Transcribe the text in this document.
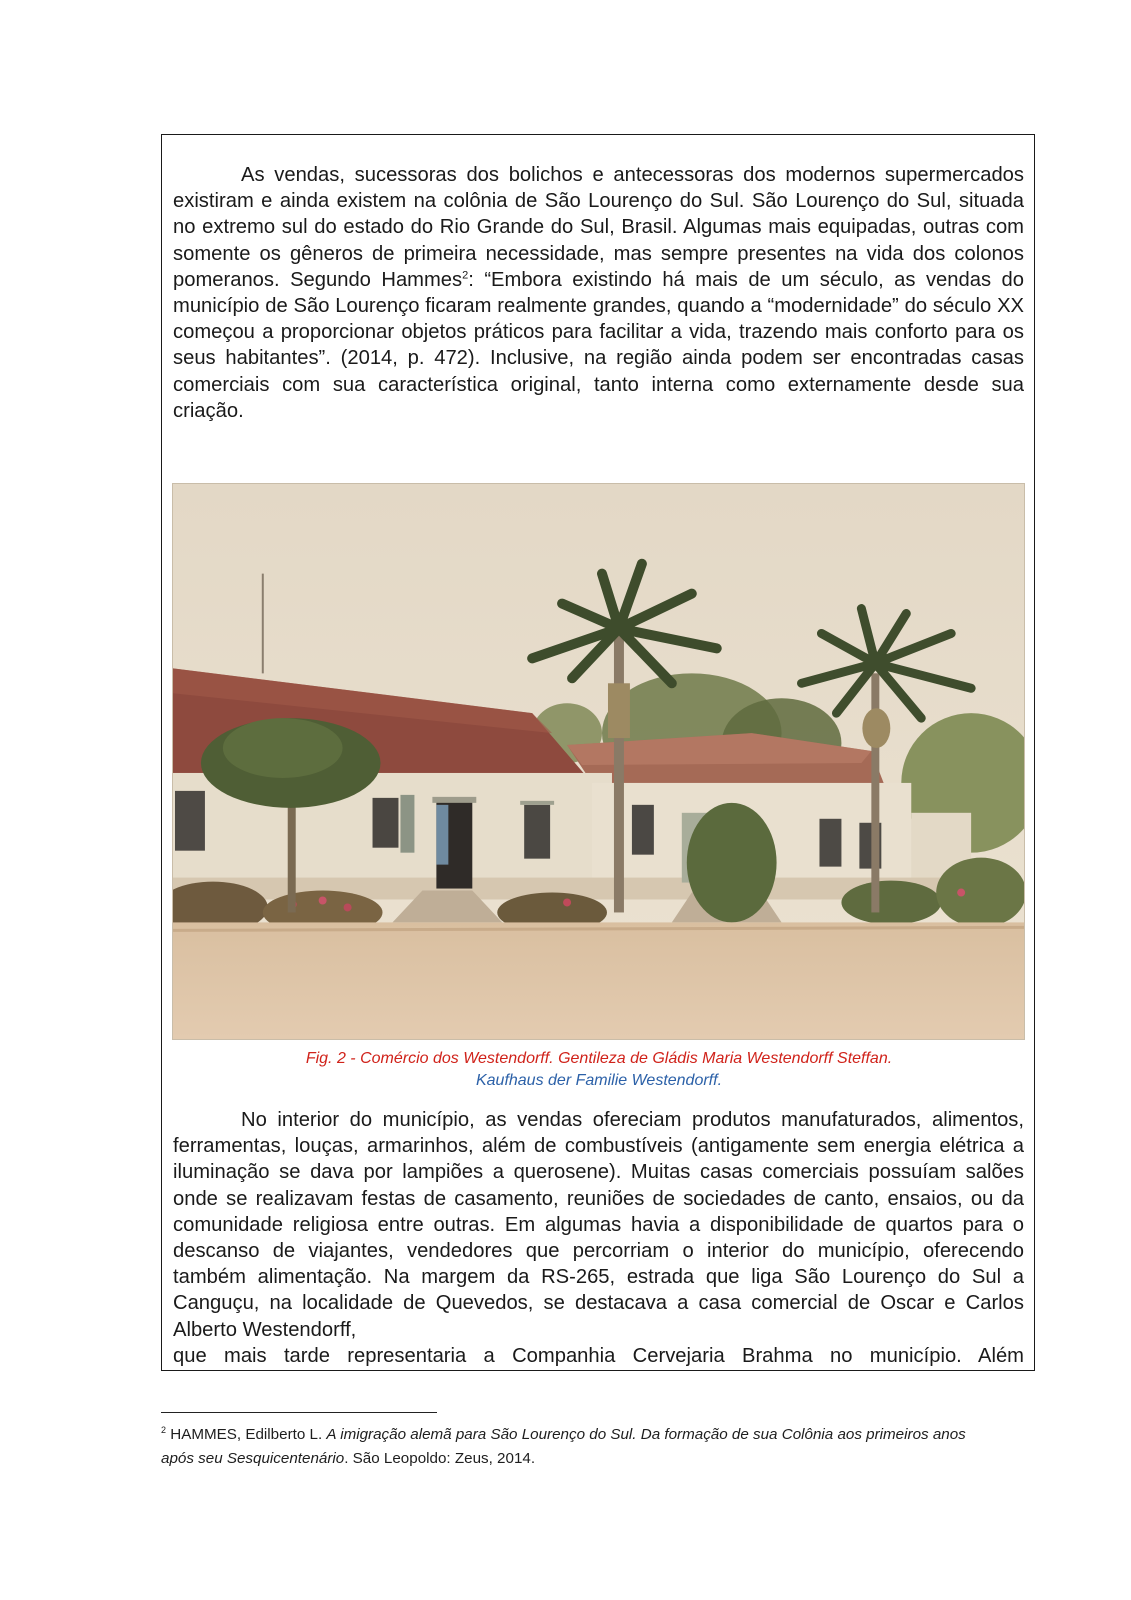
As vendas, sucessoras dos bolichos e antecessoras dos modernos supermercados existiram e ainda existem na colônia de São Lourenço do Sul. São Lourenço do Sul, situada no extremo sul do estado do Rio Grande do Sul, Brasil. Algumas mais equipadas, outras com somente os gêneros de primeira necessidade, mas sempre presentes na vida dos colonos pomeranos. Segundo Hammes$^2$: “Embora existindo há mais de um século, as vendas do município de São Lourenço ficaram realmente grandes, quando a “modernidade” do século XX começou a proporcionar objetos práticos para facilitar a vida, trazendo mais conforto para os seus habitantes”. (2014, p. 472). Inclusive, na região ainda podem ser encontradas casas comerciais com sua característica original, tanto interna como externamente desde sua criação.

Fig. 2 - Comércio dos Westendorff. Gentileza de Gládis Maria Westendorff Steffan.
Kaufhaus der Familie Westendorff.

No interior do município, as vendas ofereciam produtos manufaturados, alimentos, ferramentas, louças, armarinhos, além de combustíveis (antigamente sem energia elétrica a iluminação se dava por lampiões a querosene). Muitas casas comerciais possuíam salões onde se realizavam festas de casamento, reuniões de sociedades de canto, ensaios, ou da comunidade religiosa entre outras. Em algumas havia a disponibilidade de quartos para o descanso de viajantes, vendedores que percorriam o interior do município, oferecendo também alimentação. Na margem da RS-265, estrada que liga São Lourenço do Sul a Canguçu, na localidade de Quevedos, se destacava a casa comercial de Oscar e Carlos Alberto Westendorff,

que mais tarde representaria a Companhia Cervejaria Brahma no município. Além

$^2$ HAMMES, Edilberto L. A imigração alemã para São Lourenço do Sul. Da formação de sua Colônia aos primeiros anos após seu Sesquicentenário. São Leopoldo: Zeus, 2014.
